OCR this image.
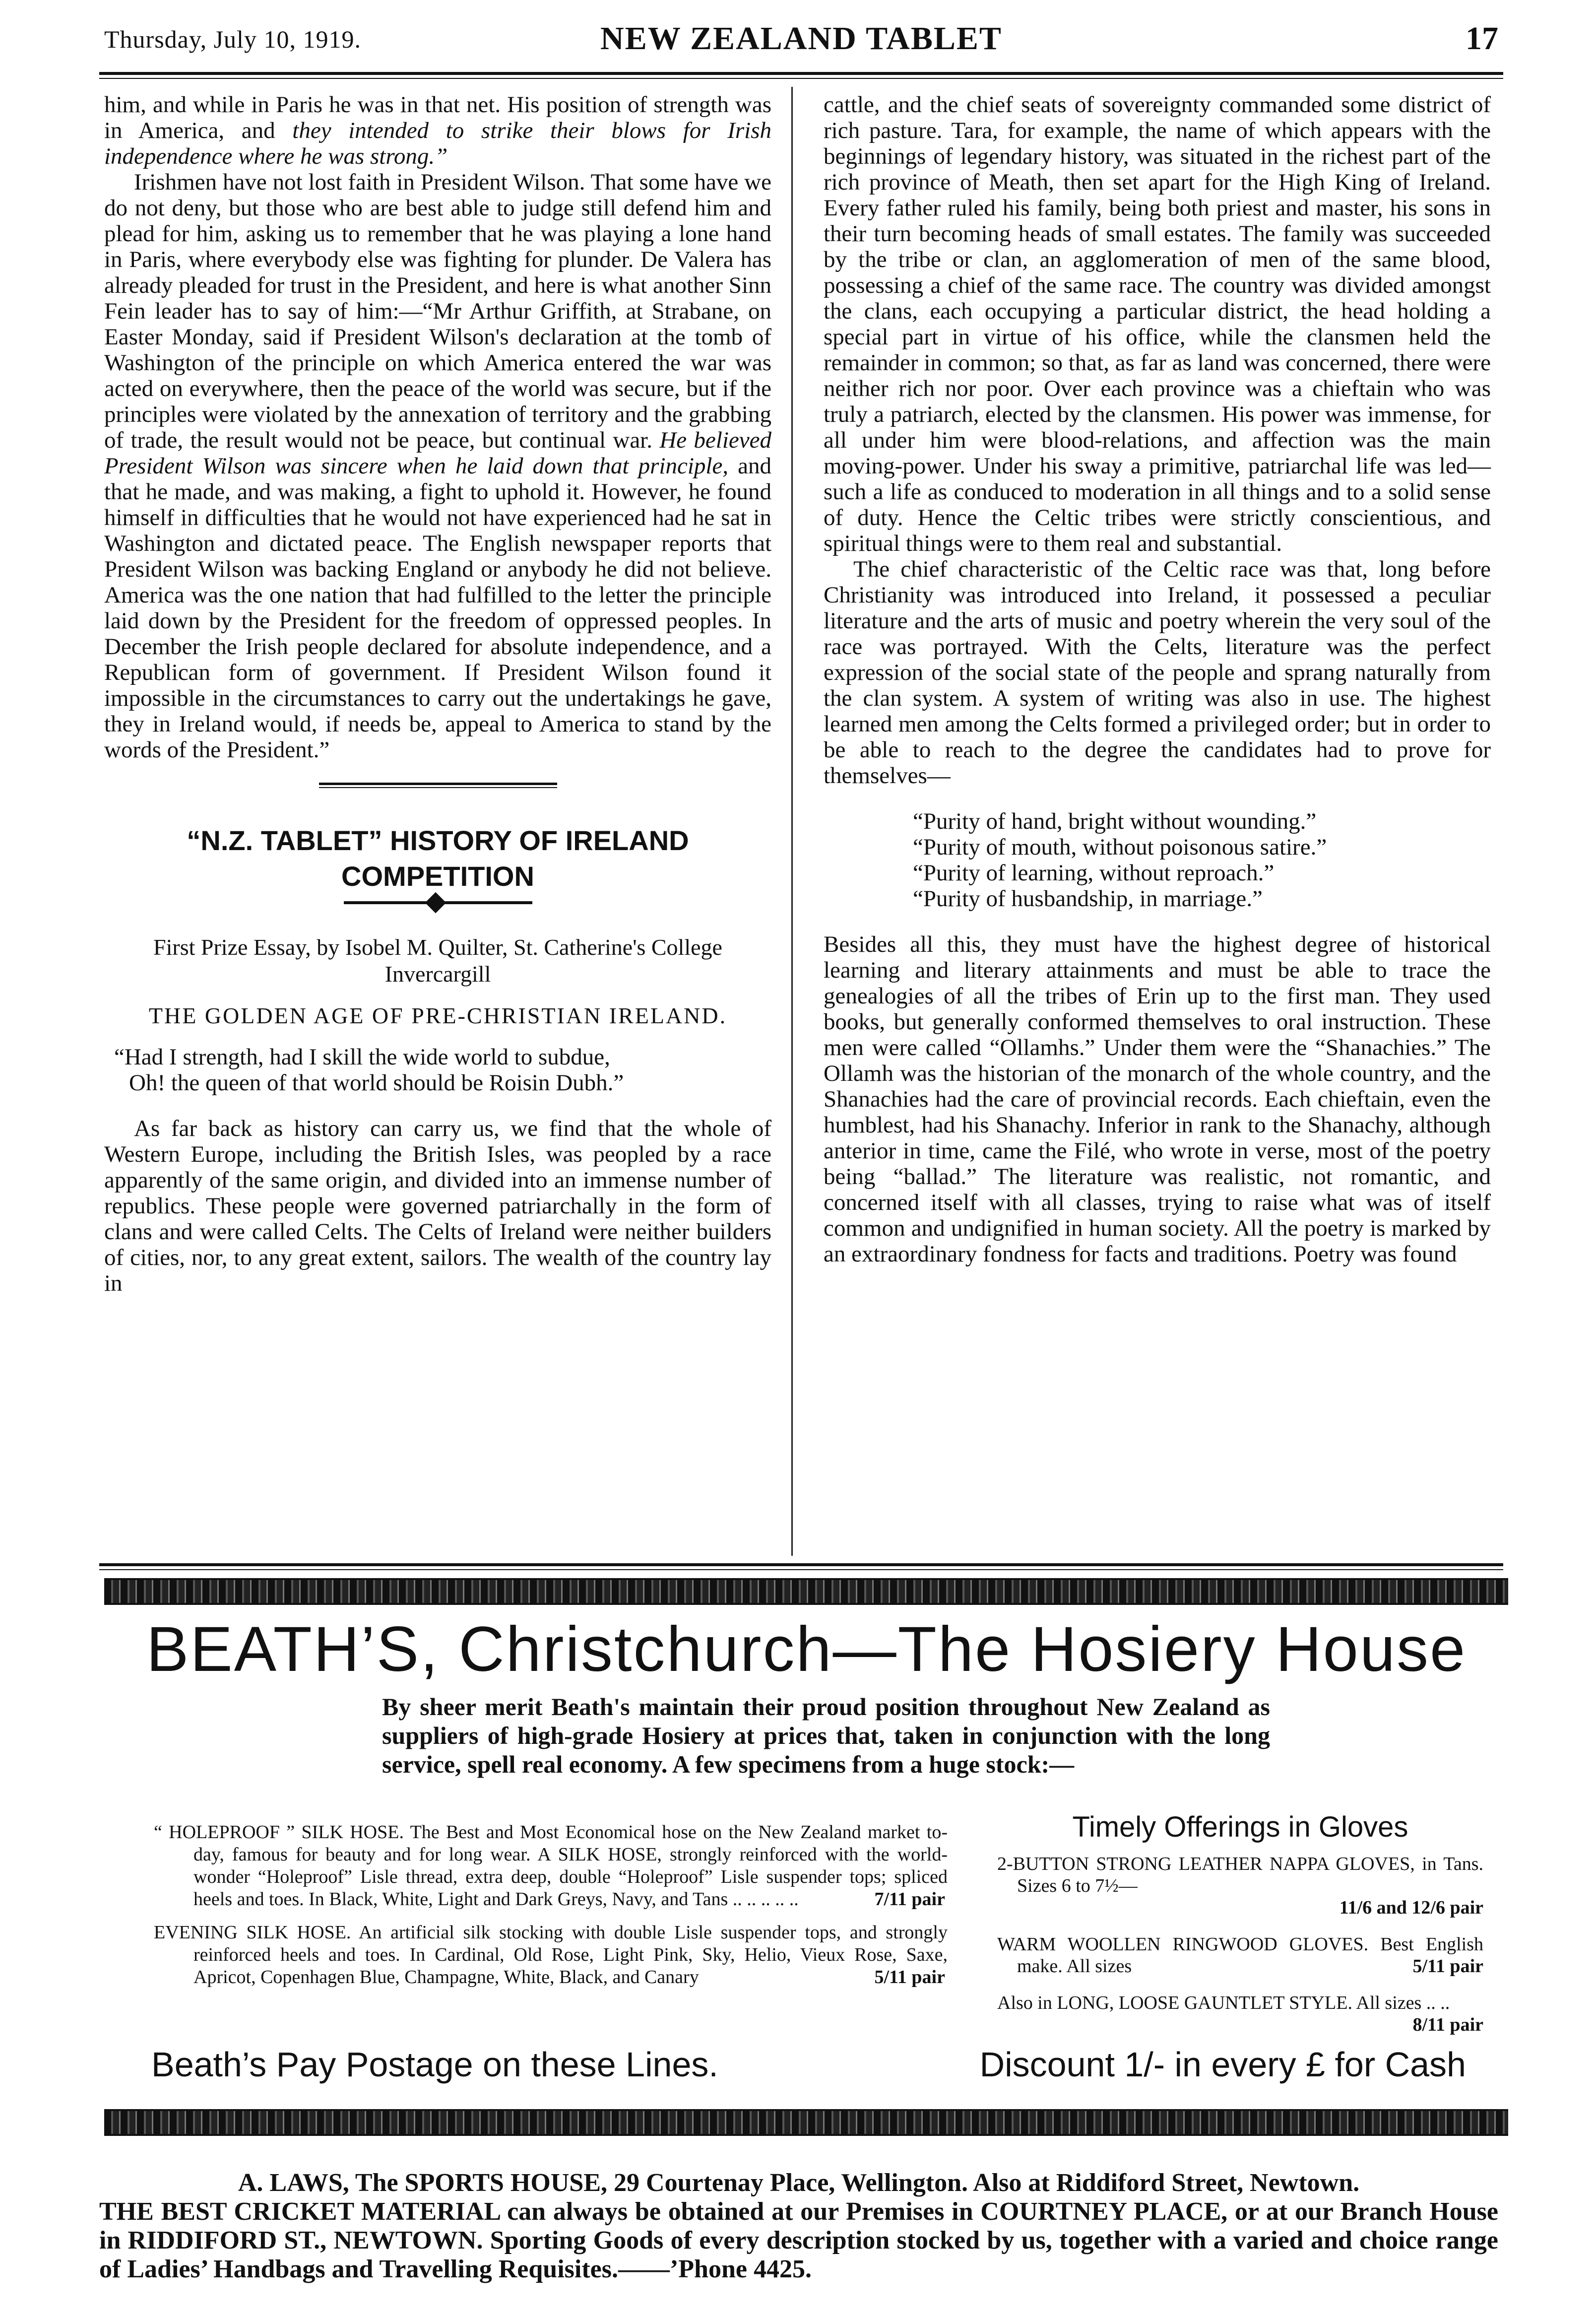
Thursday, July 10, 1919.	NEW ZEALAND TABLET	17

him, and while in Paris he was in that net. His position of strength was in America, and they intended to strike their blows for Irish independence where he was strong.”

Irishmen have not lost faith in President Wilson. That some have we do not deny, but those who are best able to judge still defend him and plead for him, asking us to remember that he was playing a lone hand in Paris, where everybody else was fighting for plunder. De Valera has already pleaded for trust in the President, and here is what another Sinn Fein leader has to say of him:—“Mr Arthur Griffith, at Strabane, on Easter Monday, said if President Wilson's declaration at the tomb of Washington of the principle on which America entered the war was acted on everywhere, then the peace of the world was secure, but if the principles were violated by the annexation of territory and the grabbing of trade, the result would not be peace, but continual war. He believed President Wilson was sincere when he laid down that principle, and that he made, and was making, a fight to uphold it. However, he found himself in difficulties that he would not have experienced had he sat in Washington and dictated peace. The English newspaper reports that President Wilson was backing England or anybody he did not believe. America was the one nation that had fulfilled to the letter the principle laid down by the President for the freedom of oppressed peoples. In December the Irish people declared for absolute independence, and a Republican form of government. If President Wilson found it impossible in the circumstances to carry out the undertakings he gave, they in Ireland would, if needs be, appeal to America to stand by the words of the President.”

“N.Z. TABLET” HISTORY OF IRELAND
COMPETITION
First Prize Essay, by Isobel M. Quilter, St. Catherine's College Invercargill
THE GOLDEN AGE OF PRE-CHRISTIAN IRELAND.
“Had I strength, had I skill the wide world to subdue,
Oh! the queen of that world should be Roisin Dubh.”

As far back as history can carry us, we find that the whole of Western Europe, including the British Isles, was peopled by a race apparently of the same origin, and divided into an immense number of republics. These people were governed patriarchally in the form of clans and were called Celts. The Celts of Ireland were neither builders of cities, nor, to any great extent, sailors. The wealth of the country lay in

cattle, and the chief seats of sovereignty commanded some district of rich pasture. Tara, for example, the name of which appears with the beginnings of legendary history, was situated in the richest part of the rich province of Meath, then set apart for the High King of Ireland. Every father ruled his family, being both priest and master, his sons in their turn becoming heads of small estates. The family was succeeded by the tribe or clan, an agglomeration of men of the same blood, possessing a chief of the same race. The country was divided amongst the clans, each occupying a particular district, the head holding a special part in virtue of his office, while the clansmen held the remainder in common; so that, as far as land was concerned, there were neither rich nor poor. Over each province was a chieftain who was truly a patriarch, elected by the clansmen. His power was immense, for all under him were blood-relations, and affection was the main moving-power. Under his sway a primitive, patriarchal life was led—such a life as conduced to moderation in all things and to a solid sense of duty. Hence the Celtic tribes were strictly conscientious, and spiritual things were to them real and substantial.

The chief characteristic of the Celtic race was that, long before Christianity was introduced into Ireland, it possessed a peculiar literature and the arts of music and poetry wherein the very soul of the race was portrayed. With the Celts, literature was the perfect expression of the social state of the people and sprang naturally from the clan system. A system of writing was also in use. The highest learned men among the Celts formed a privileged order; but in order to be able to reach to the degree the candidates had to prove for themselves—

“Purity of hand, bright without wounding.”
“Purity of mouth, without poisonous satire.”
“Purity of learning, without reproach.”
“Purity of husbandship, in marriage.”

Besides all this, they must have the highest degree of historical learning and literary attainments and must be able to trace the genealogies of all the tribes of Erin up to the first man. They used books, but generally conformed themselves to oral instruction. These men were called “Ollamhs.” Under them were the “Shanachies.” The Ollamh was the historian of the monarch of the whole country, and the Shanachies had the care of provincial records. Each chieftain, even the humblest, had his Shanachy. Inferior in rank to the Shanachy, although anterior in time, came the Filé, who wrote in verse, most of the poetry being “ballad.” The literature was realistic, not romantic, and concerned itself with all classes, trying to raise what was of itself common and undignified in human society. All the poetry is marked by an extraordinary fondness for facts and traditions. Poetry was found

BEATH’S, Christchurch—The Hosiery House
By sheer merit Beath's maintain their proud position throughout New Zealand as suppliers of high-grade Hosiery at prices that, taken in conjunction with the long service, spell real economy. A few specimens from a huge stock:—

“ HOLEPROOF ” SILK HOSE. The Best and Most Economical hose on the New Zealand market to-day, famous for beauty and for long wear. A SILK HOSE, strongly reinforced with the world-wonder “Holeproof” Lisle thread, extra deep, double “Holeproof” Lisle suspender tops; spliced heels and toes. In Black, White, Light and Dark Greys, Navy, and Tans .. .. .. .. ..	7/11 pair

EVENING SILK HOSE. An artificial silk stocking with double Lisle suspender tops, and strongly reinforced heels and toes. In Cardinal, Old Rose, Light Pink, Sky, Helio, Vieux Rose, Saxe, Apricot, Copenhagen Blue, Champagne, White, Black, and Canary	5/11 pair

Timely Offerings in Gloves

2-BUTTON STRONG LEATHER NAPPA GLOVES, in Tans. Sizes 6 to 7½—

11/6 and 12/6 pair

WARM WOOLLEN RINGWOOD GLOVES. Best English make. All sizes	5/11 pair

Also in LONG, LOOSE GAUNTLET STYLE. All sizes .. ..
8/11 pair

Beath’s Pay Postage on these Lines.	Discount 1/- in every £ for Cash
A. LAWS, The SPORTS HOUSE, 29 Courtenay Place, Wellington. Also at Riddiford Street, Newtown.
THE BEST CRICKET MATERIAL can always be obtained at our Premises in COURTNEY PLACE, or at our Branch House in RIDDIFORD ST., NEWTOWN. Sporting Goods of every description stocked by us, together with a varied and choice range of Ladies’ Handbags and Travelling Requisites.——’Phone 4425.
